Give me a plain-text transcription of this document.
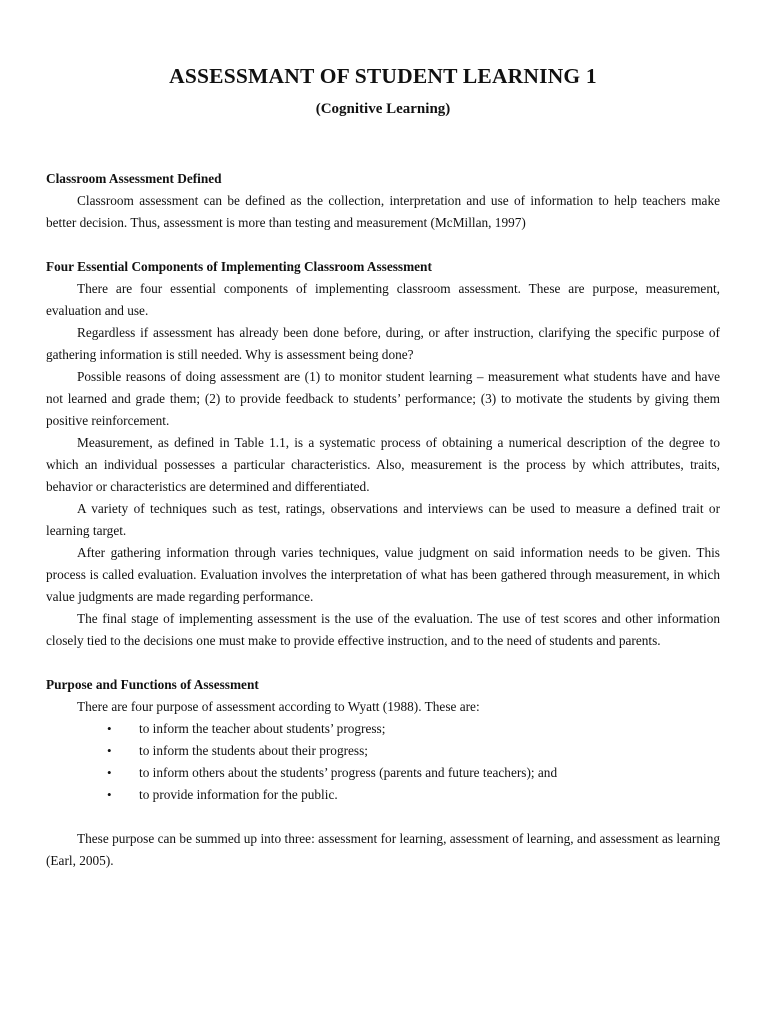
ASSESSMANT OF STUDENT LEARNING 1
(Cognitive Learning)
Classroom Assessment Defined

Classroom assessment can be defined as the collection, interpretation and use of information to help teachers make better decision. Thus, assessment is more than testing and measurement (McMillan, 1997)

Four Essential Components of Implementing Classroom Assessment

There are four essential components of implementing classroom assessment. These are purpose, measurement, evaluation and use.

Regardless if assessment has already been done before, during, or after instruction, clarifying the specific purpose of gathering information is still needed. Why is assessment being done?

Possible reasons of doing assessment are (1) to monitor student learning – measurement what students have and have not learned and grade them; (2) to provide feedback to students’ performance; (3) to motivate the students by giving them positive reinforcement.

Measurement, as defined in Table 1.1, is a systematic process of obtaining a numerical description of the degree to which an individual possesses a particular characteristics. Also, measurement is the process by which attributes, traits, behavior or characteristics are determined and differentiated.

A variety of techniques such as test, ratings, observations and interviews can be used to measure a defined trait or learning target.

After gathering information through varies techniques, value judgment on said information needs to be given. This process is called evaluation. Evaluation involves the interpretation of what has been gathered through measurement, in which value judgments are made regarding performance.

The final stage of implementing assessment is the use of the evaluation. The use of test scores and other information closely tied to the decisions one must make to provide effective instruction, and to the need of students and parents.

Purpose and Functions of Assessment

There are four purpose of assessment according to Wyatt (1988). These are:

• to inform the teacher about students’ progress;
• to inform the students about their progress;
• to inform others about the students’ progress (parents and future teachers); and
• to provide information for the public.

These purpose can be summed up into three: assessment for learning, assessment of learning, and assessment as learning (Earl, 2005).
